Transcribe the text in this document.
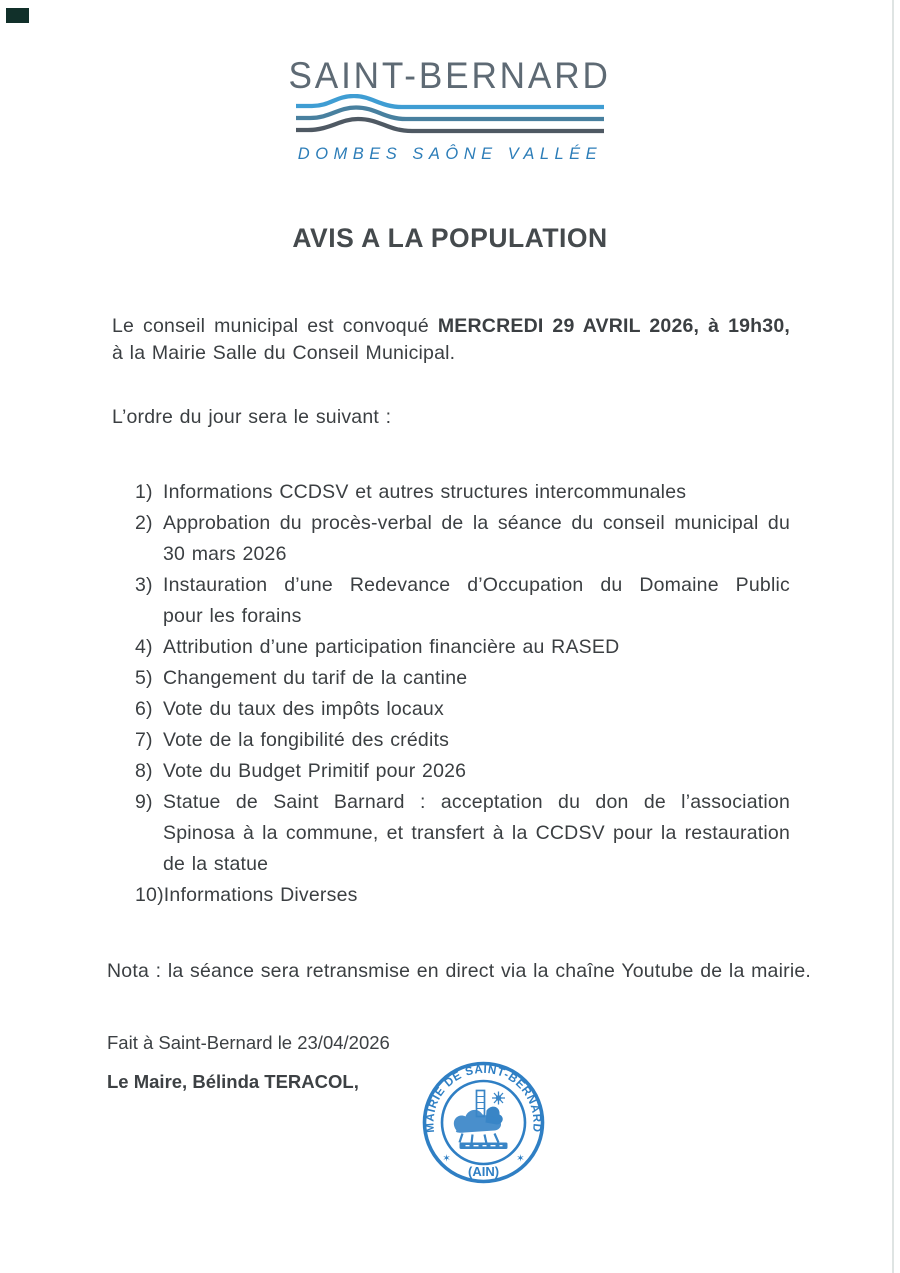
SAINT-BERNARD
DOMBES SAÔNE VALLÉE
AVIS A LA POPULATION
Le conseil municipal est convoqué MERCREDI 29 AVRIL 2026, à 19h30,
à la Mairie Salle du Conseil Municipal.
L’ordre du jour sera le suivant :
1) Informations CCDSV et autres structures intercommunales
2) Approbation du procès-verbal de la séance du conseil municipal du
30 mars 2026
3) Instauration d’une Redevance d’Occupation du Domaine Public
pour les forains
4) Attribution d’une participation financière au RASED
5) Changement du tarif de la cantine
6) Vote du taux des impôts locaux
7) Vote de la fongibilité des crédits
8) Vote du Budget Primitif pour 2026
9) Statue de Saint Barnard : acceptation du don de l’association
Spinosa à la commune, et transfert à la CCDSV pour la restauration
de la statue
10) Informations Diverses
Nota : la séance sera retransmise en direct via la chaîne Youtube de la mairie.
Fait à Saint-Bernard le 23/04/2026
Le Maire, Bélinda TERACOL,
MAIRIE DE SAINT-BERNARD
(AIN)
✶	✶
